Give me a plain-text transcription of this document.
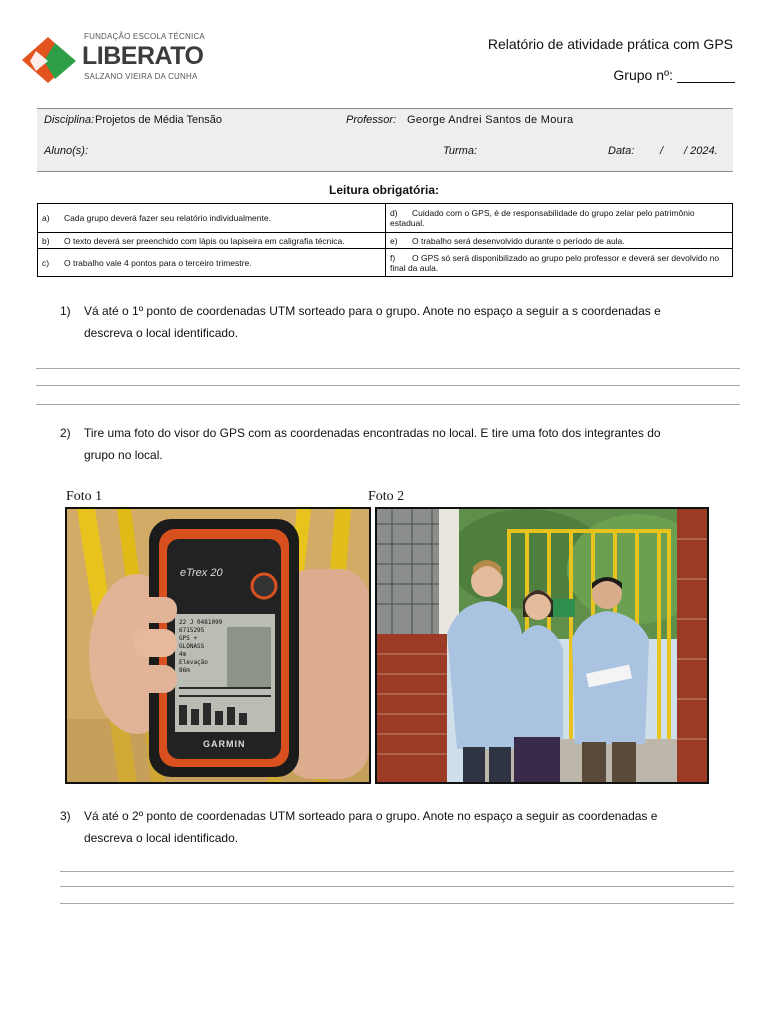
FUNDAÇÃO ESCOLA TÉCNICA
LIBERATO
SALZANO VIEIRA DA CUNHA
Relatório de atividade prática com GPS
Grupo nº:
Disciplina: Projetos de Média Tensão	Professor: George Andrei Santos de Moura
Aluno(s):	Turma:	Data: / / 2024.
Leitura obrigatória:
a) Cada grupo deverá fazer seu relatório individualmente.	d) Cuidado com o GPS, é de responsabilidade do grupo zelar pelo patrimônio estadual.
b) O texto deverá ser preenchido com lápis ou lapiseira em caligrafia técnica.	e) O trabalho será desenvolvido durante o período de aula.
c) O trabalho vale 4 pontos para o terceiro trimestre.	f) O GPS só será disponibilizado ao grupo pelo professor e deverá ser devolvido no final da aula.
1) Vá até o 1º ponto de coordenadas UTM sorteado para o grupo. Anote no espaço a seguir a s coordenadas e
descreva o local identificado.
2) Tire uma foto do visor do GPS com as coordenadas encontradas no local. E tire uma foto dos integrantes do
grupo no local.
Foto 1	Foto 2
eTrex 20
22 J 0481099
6715295
GPS +
GLONASS
4m
Elevação
86m
GARMIN
3) Vá até o 2º ponto de coordenadas UTM sorteado para o grupo. Anote no espaço a seguir as coordenadas e
descreva o local identificado.
